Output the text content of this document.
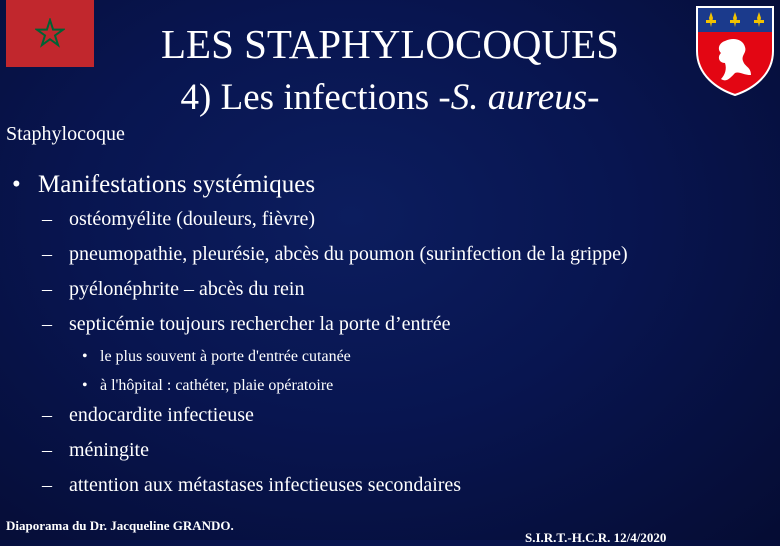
LES STAPHYLOCOQUES
4) Les infections -S. aureus-
Staphylocoque
• Manifestations systémiques
– ostéomyélite (douleurs, fièvre)
– pneumopathie, pleurésie, abcès du poumon (surinfection de la grippe)
– pyélonéphrite – abcès du rein
– septicémie toujours rechercher la porte d’entrée
• le plus souvent à porte d'entrée cutanée
• à l'hôpital : cathéter, plaie opératoire
– endocardite infectieuse
– méningite
– attention aux métastases infectieuses secondaires
Diaporama du Dr. Jacqueline GRANDO.
S.I.R.T.-H.C.R. 12/4/2020
